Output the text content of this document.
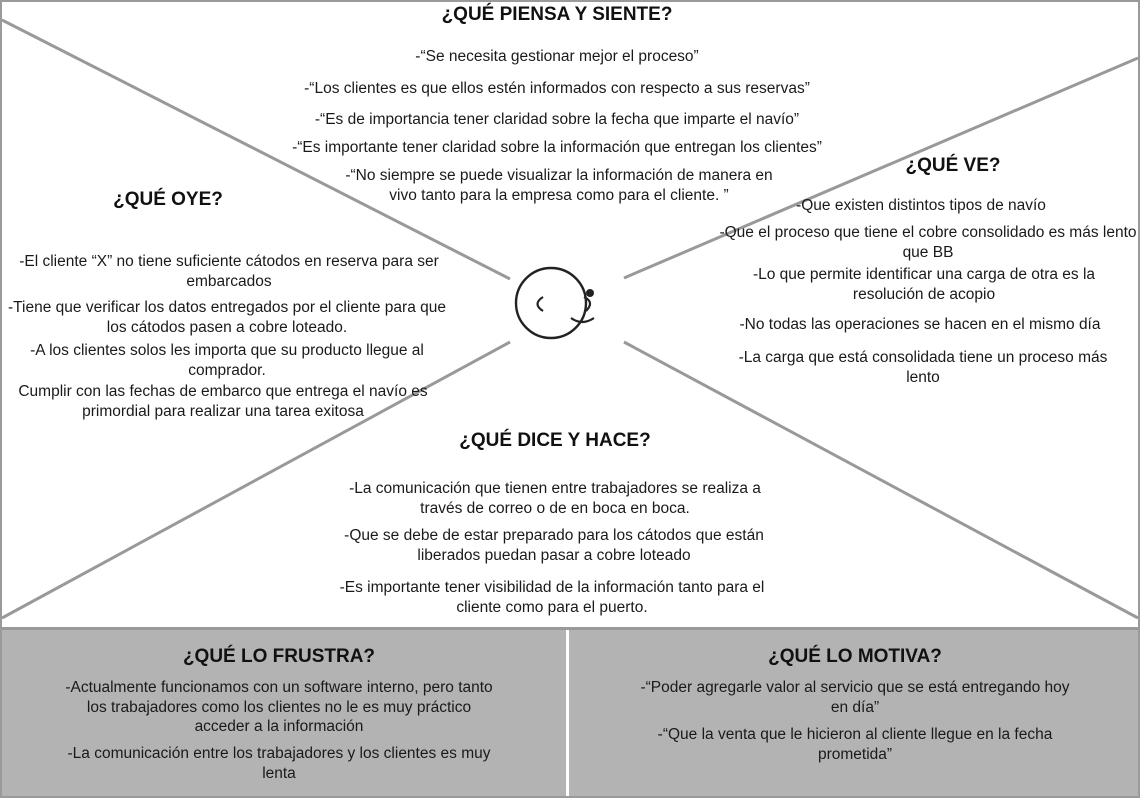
¿QUÉ PIENSA Y SIENTE?

-“Se necesita gestionar mejor el proceso”

-“Los clientes es que ellos estén informados con respecto a sus reservas”

-“Es de importancia tener claridad sobre la fecha que imparte el navío”

-“Es importante tener claridad sobre la información que entregan los clientes”

-“No siempre se puede visualizar la información de manera en vivo tanto para la empresa como para el cliente. ”

¿QUÉ OYE?

-El cliente “X” no tiene suficiente cátodos en reserva para ser embarcados

-Tiene que verificar los datos entregados por el cliente para que los cátodos pasen a cobre loteado.

-A los clientes solos les importa que su producto llegue al comprador.

Cumplir con las fechas de embarco que entrega el navío es primordial para realizar una tarea exitosa

¿QUÉ VE?

-Que existen distintos tipos de navío

-Que el proceso que tiene el cobre consolidado es más lento que BB

-Lo que permite identificar una carga de otra es la resolución de acopio

-No todas las operaciones se hacen en el mismo día

-La carga que está consolidada tiene un proceso más lento

¿QUÉ DICE Y HACE?

-La comunicación que tienen entre trabajadores se realiza a través de correo o de en boca en boca.

-Que se debe de estar preparado para los cátodos que están liberados puedan pasar a cobre loteado

-Es importante tener visibilidad de la información tanto para el cliente como para el puerto.

¿QUÉ LO FRUSTRA?

-Actualmente funcionamos con un software interno, pero tanto los trabajadores como los clientes no le es muy práctico acceder a la información

-La comunicación entre los trabajadores y los clientes es muy lenta

¿QUÉ LO MOTIVA?

-“Poder agregarle valor al servicio que se está entregando hoy en día”

-“Que la venta que le hicieron al cliente llegue en la fecha prometida”
